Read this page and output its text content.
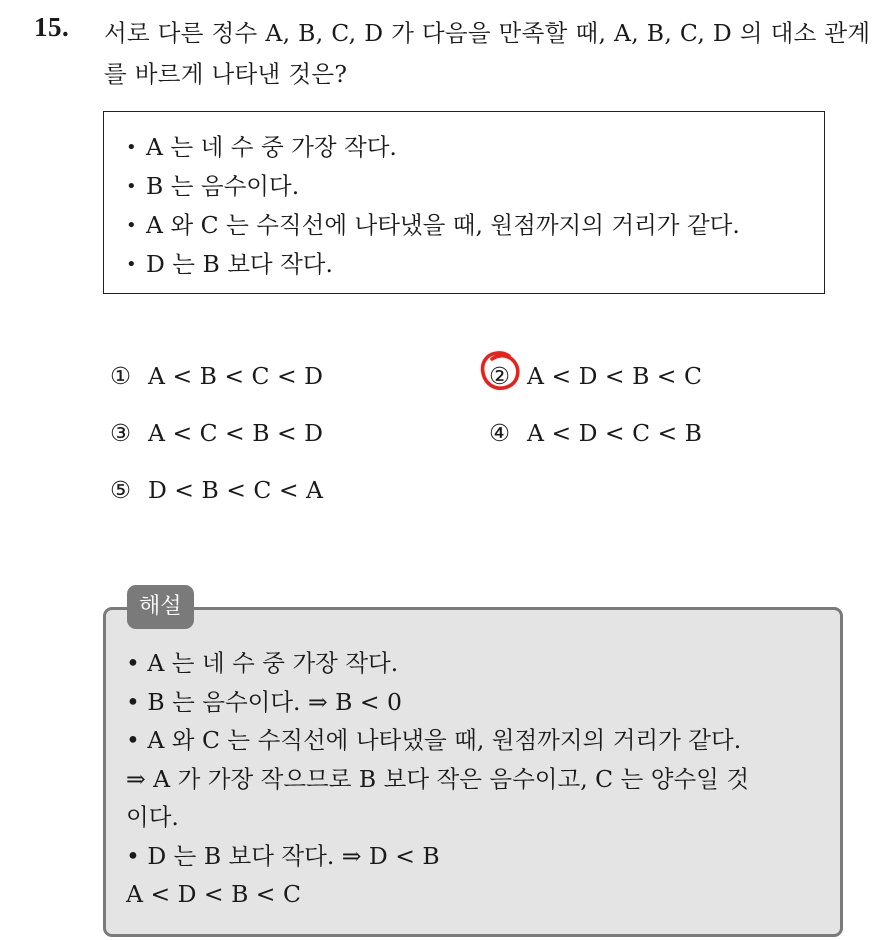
15. 서로 다른 정수 A, B, C, D 가 다음을 만족할 때, A, B, C, D 의 대소 관계를 바르게 나타낸 것은?
• A 는 네 수 중 가장 작다.
• B 는 음수이다.
• A 와 C 는 수직선에 나타냈을 때, 원점까지의 거리가 같다.
• D 는 B 보다 작다.
① A < B < C < D	② A < D < B < C
③ A < C < B < D	④ A < D < C < B
⑤ D < B < C < A
해설
• A 는 네 수 중 가장 작다.
• B 는 음수이다. ⇒ B < 0
• A 와 C 는 수직선에 나타냈을 때, 원점까지의 거리가 같다.
⇒ A 가 가장 작으므로 B 보다 작은 음수이고, C 는 양수일 것
이다.
• D 는 B 보다 작다. ⇒ D < B
A < D < B < C
